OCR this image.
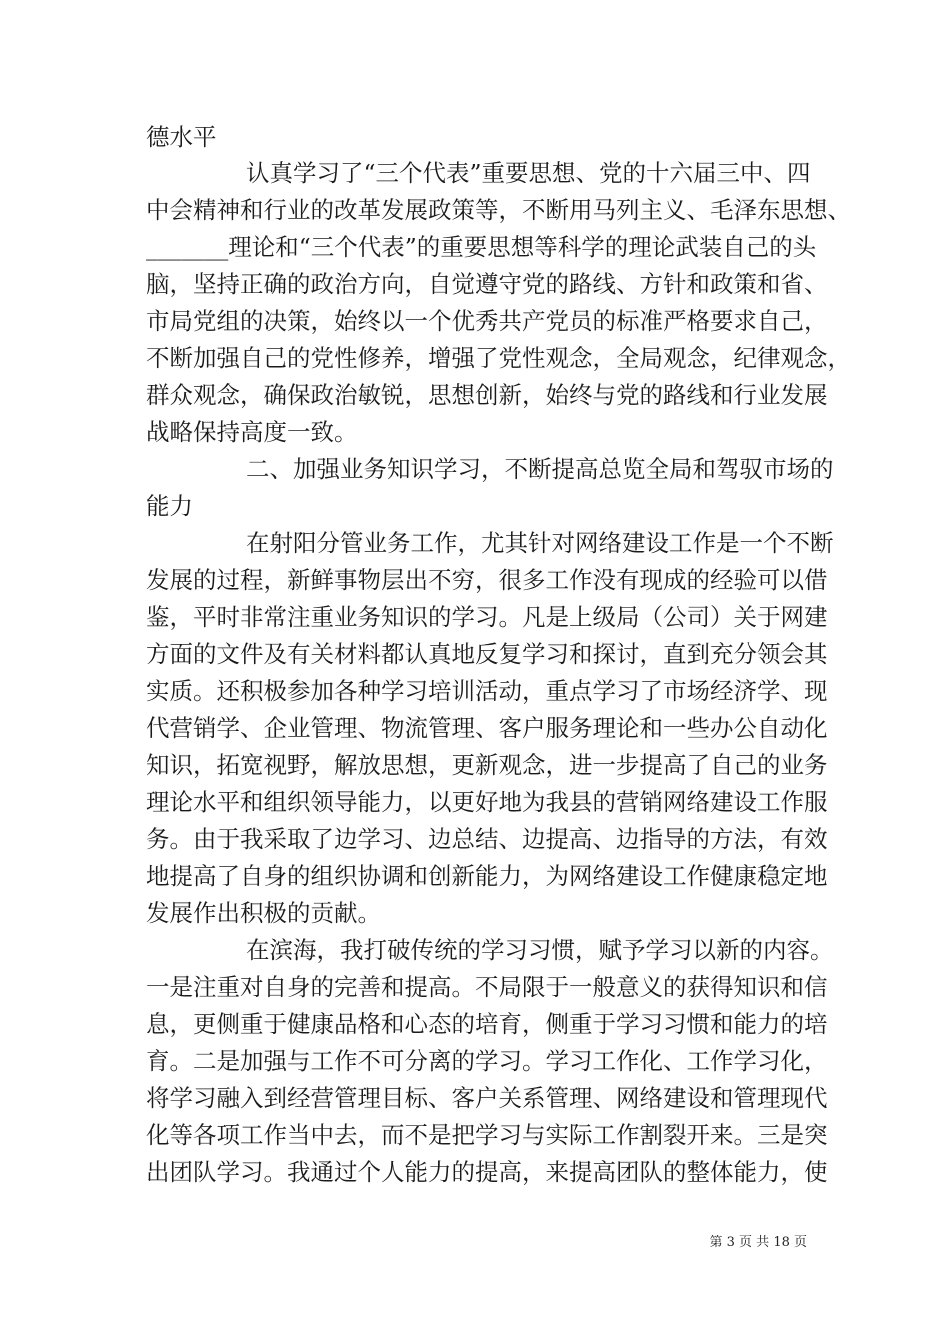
德水平
认真学习了“三个代表”重要思想、党的十六届三中、四
中会精神和行业的改革发展政策等，不断用马列主义、毛泽东思想、
_______理论和“三个代表”的重要思想等科学的理论武装自己的头
脑，坚持正确的政治方向，自觉遵守党的路线、方针和政策和省、
市局党组的决策，始终以一个优秀共产党员的标准严格要求自己，
不断加强自己的党性修养，增强了党性观念，全局观念，纪律观念，
群众观念，确保政治敏锐，思想创新，始终与党的路线和行业发展
战略保持高度一致。
二、加强业务知识学习，不断提高总览全局和驾驭市场的
能力
在射阳分管业务工作，尤其针对网络建设工作是一个不断
发展的过程，新鲜事物层出不穷，很多工作没有现成的经验可以借
鉴，平时非常注重业务知识的学习。凡是上级局（公司）关于网建
方面的文件及有关材料都认真地反复学习和探讨，直到充分领会其
实质。还积极参加各种学习培训活动，重点学习了市场经济学、现
代营销学、企业管理、物流管理、客户服务理论和一些办公自动化
知识，拓宽视野，解放思想，更新观念，进一步提高了自己的业务
理论水平和组织领导能力，以更好地为我县的营销网络建设工作服
务。由于我采取了边学习、边总结、边提高、边指导的方法，有效
地提高了自身的组织协调和创新能力，为网络建设工作健康稳定地
发展作出积极的贡献。
在滨海，我打破传统的学习习惯，赋予学习以新的内容。
一是注重对自身的完善和提高。不局限于一般意义的获得知识和信
息，更侧重于健康品格和心态的培育，侧重于学习习惯和能力的培
育。二是加强与工作不可分离的学习。学习工作化、工作学习化，
将学习融入到经营管理目标、客户关系管理、网络建设和管理现代
化等各项工作当中去，而不是把学习与实际工作割裂开来。三是突
出团队学习。我通过个人能力的提高，来提高团队的整体能力，使
第 3 页 共 18 页
